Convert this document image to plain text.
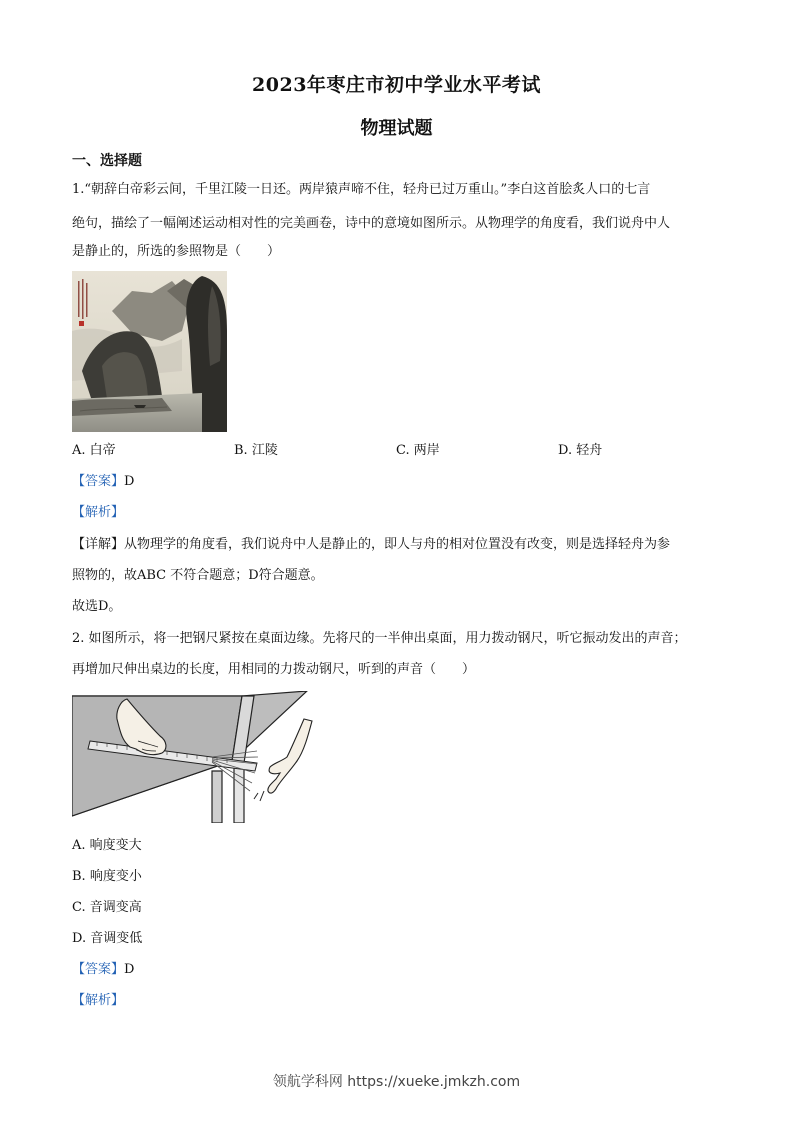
2023年枣庄市初中学业水平考试
物理试题
一、选择题
1.“朝辞白帝彩云间，千里江陵一日还。两岸猿声啼不住，轻舟已过万重山。”李白这首脍炙人口的七言
绝句，描绘了一幅阐述运动相对性的完美画卷，诗中的意境如图所示。从物理学的角度看，我们说舟中人
是静止的，所选的参照物是（　　）
A. 白帝	B. 江陵	C. 两岸	D. 轻舟
【答案】D
【解析】
【详解】从物理学的角度看，我们说舟中人是静止的，即人与舟的相对位置没有改变，则是选择轻舟为参
照物的，故ABC 不符合题意；D符合题意。
故选D。
2. 如图所示，将一把钢尺紧按在桌面边缘。先将尺的一半伸出桌面，用力拨动钢尺，听它振动发出的声音；
再增加尺伸出桌边的长度，用相同的力拨动钢尺，听到的声音（　　）
A. 响度变大
B. 响度变小
C. 音调变高
D. 音调变低
【答案】D
【解析】
领航学科网 https://xueke.jmkzh.com
